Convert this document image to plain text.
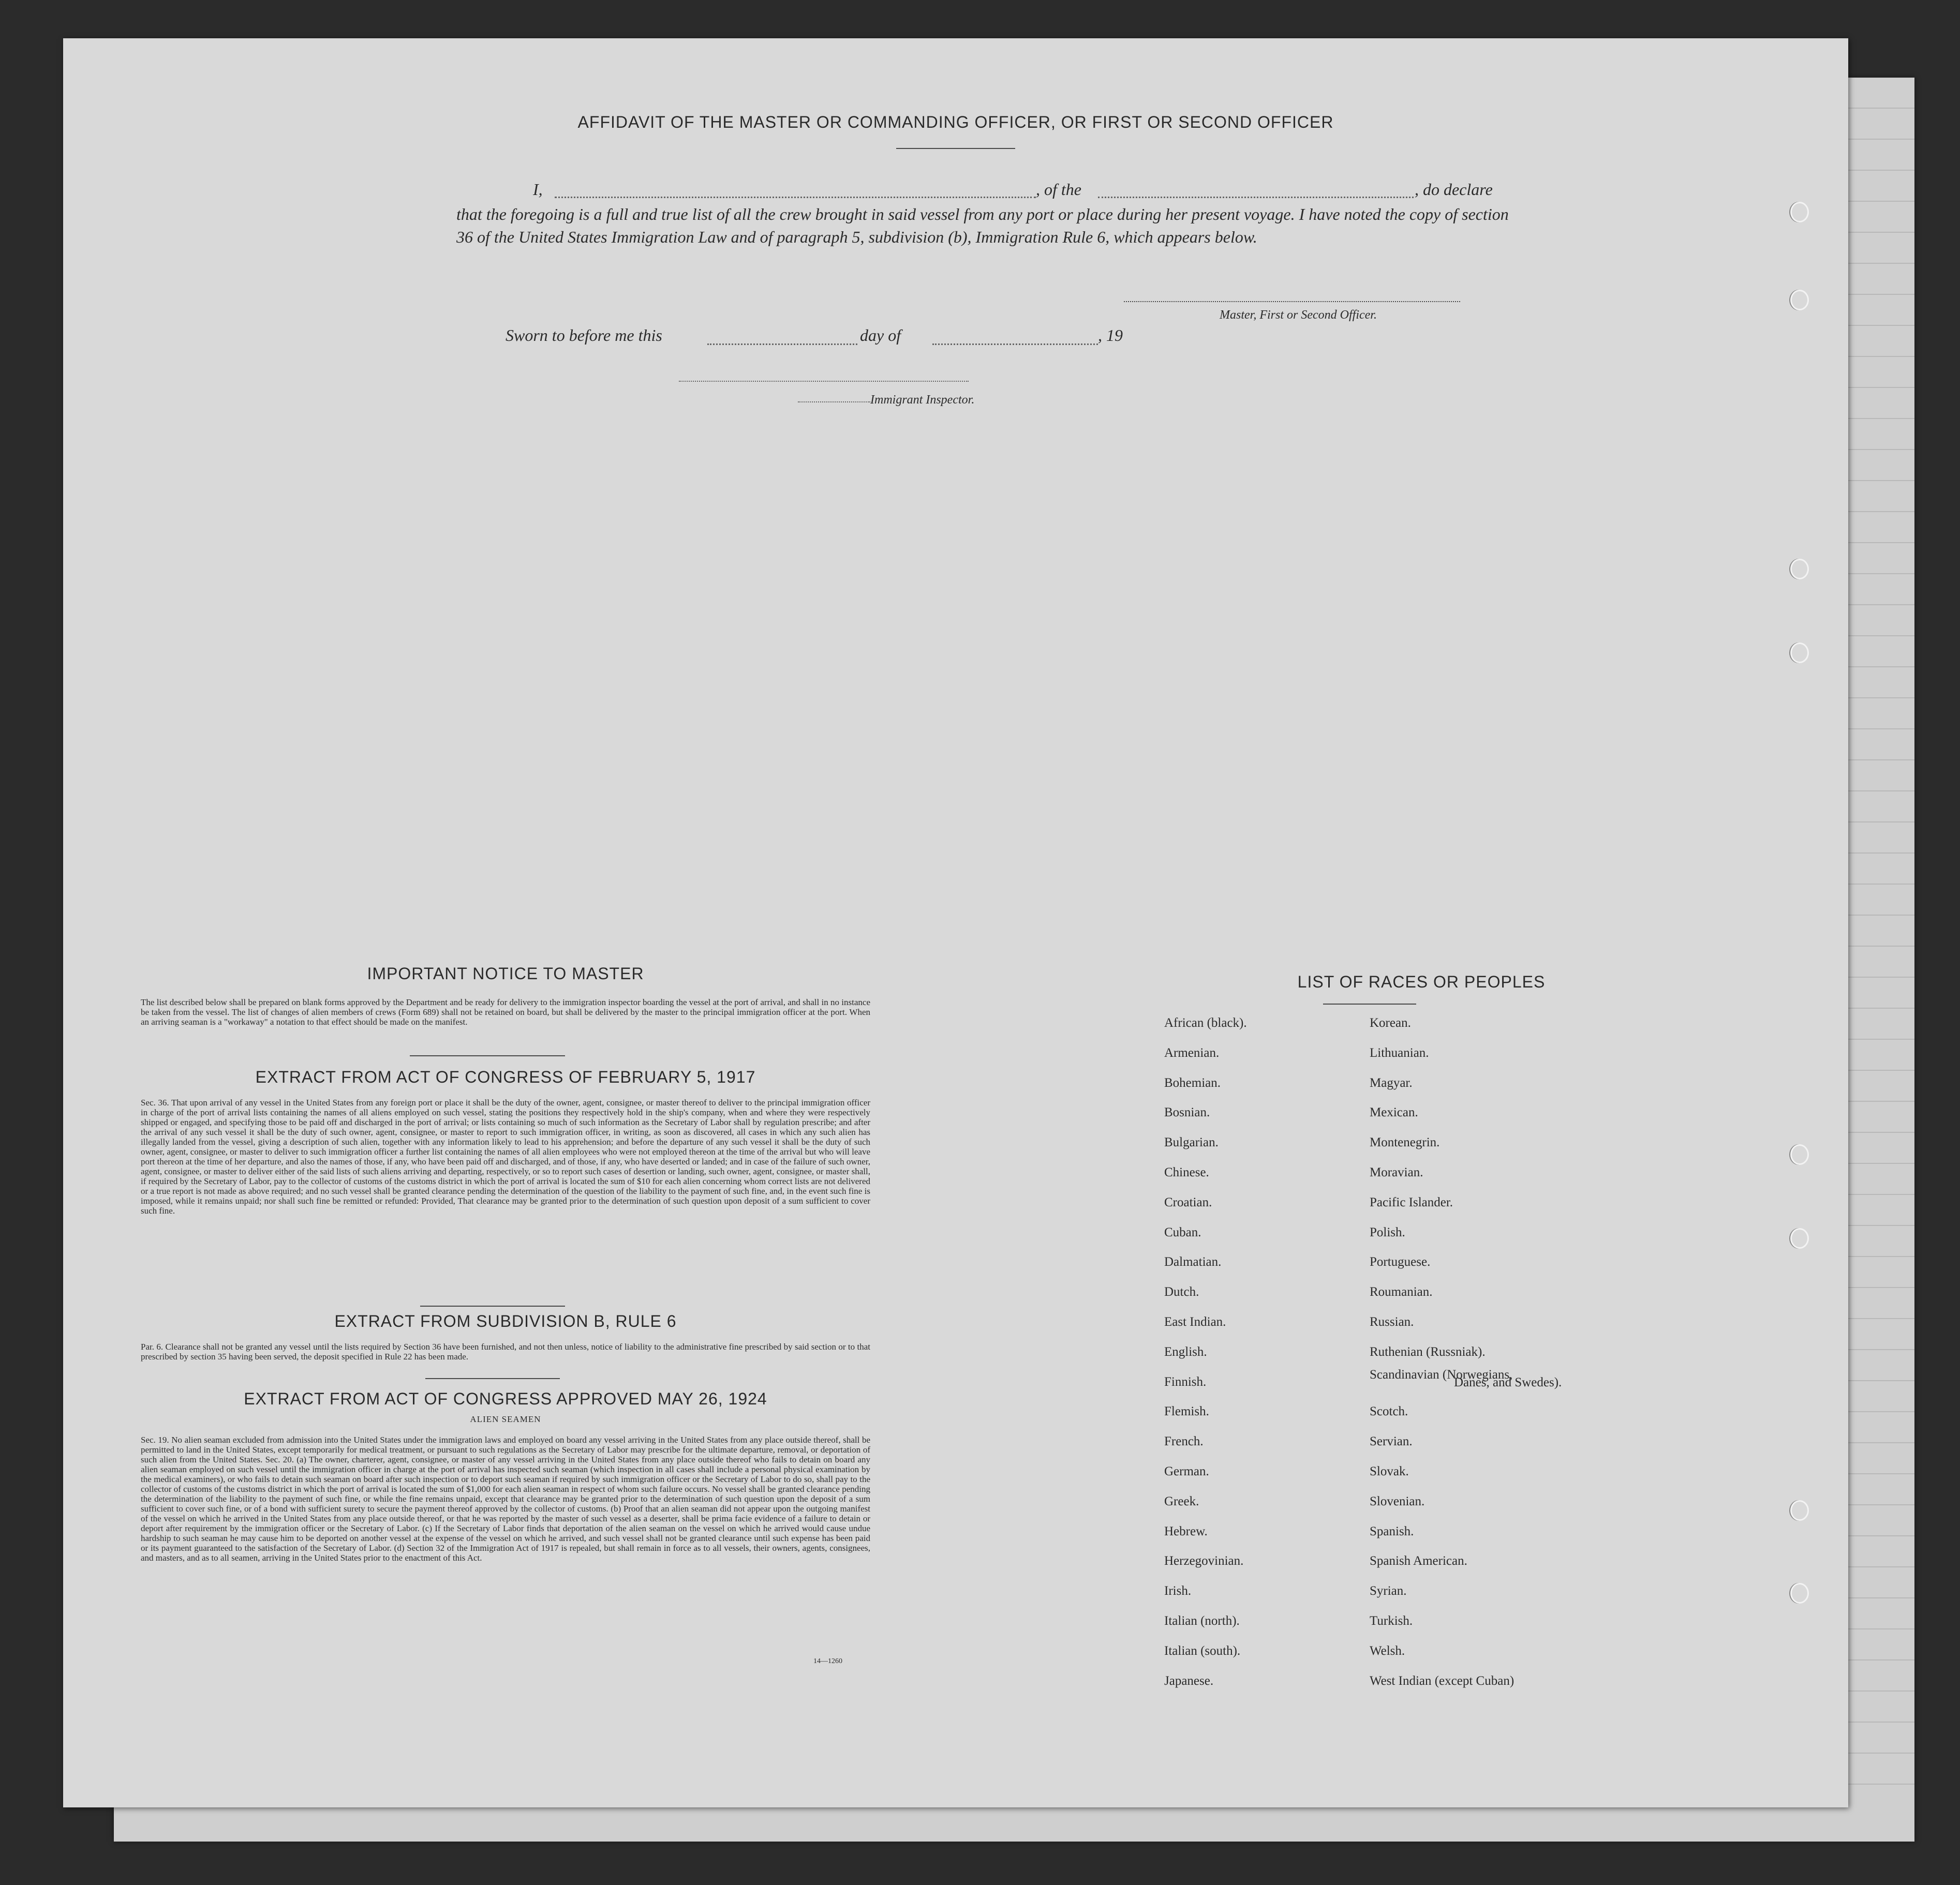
AFFIDAVIT OF THE MASTER OR COMMANDING OFFICER, OR FIRST OR SECOND OFFICER
I,	, of the	, do declare
that the foregoing is a full and true list of all the crew brought in said vessel from any port or place during her present voyage. I have noted the copy of section 36 of the United States Immigration Law and of paragraph 5, subdivision (b), Immigration Rule 6, which appears below.
Master, First or Second Officer.
Sworn to before me this	day of	, 19
Immigrant Inspector.
IMPORTANT NOTICE TO MASTER
The list described below shall be prepared on blank forms approved by the Department and be ready for delivery to the immigration inspector boarding the vessel at the port of arrival, and shall in no instance be taken from the vessel. The list of changes of alien members of crews (Form 689) shall not be retained on board, but shall be delivered by the master to the principal immigration officer at the port. When an arriving seaman is a "workaway" a notation to that effect should be made on the manifest.
EXTRACT FROM ACT OF CONGRESS OF FEBRUARY 5, 1917
Sec. 36. That upon arrival of any vessel in the United States from any foreign port or place it shall be the duty of the owner, agent, consignee, or master thereof to deliver to the principal immigration officer in charge of the port of arrival lists containing the names of all aliens employed on such vessel, stating the positions they respectively hold in the ship's company, when and where they were respectively shipped or engaged, and specifying those to be paid off and discharged in the port of arrival; or lists containing so much of such information as the Secretary of Labor shall by regulation prescribe; and after the arrival of any such vessel it shall be the duty of such owner, agent, consignee, or master to report to such immigration officer, in writing, as soon as discovered, all cases in which any such alien has illegally landed from the vessel, giving a description of such alien, together with any information likely to lead to his apprehension; and before the departure of any such vessel it shall be the duty of such owner, agent, consignee, or master to deliver to such immigration officer a further list containing the names of all alien employees who were not employed thereon at the time of the arrival but who will leave port thereon at the time of her departure, and also the names of those, if any, who have been paid off and discharged, and of those, if any, who have deserted or landed; and in case of the failure of such owner, agent, consignee, or master to deliver either of the said lists of such aliens arriving and departing, respectively, or so to report such cases of desertion or landing, such owner, agent, consignee, or master shall, if required by the Secretary of Labor, pay to the collector of customs of the customs district in which the port of arrival is located the sum of $10 for each alien concerning whom correct lists are not delivered or a true report is not made as above required; and no such vessel shall be granted clearance pending the determination of the question of the liability to the payment of such fine, and, in the event such fine is imposed, while it remains unpaid; nor shall such fine be remitted or refunded: Provided, That clearance may be granted prior to the determination of such question upon deposit of a sum sufficient to cover such fine.
EXTRACT FROM SUBDIVISION B, RULE 6
Par. 6. Clearance shall not be granted any vessel until the lists required by Section 36 have been furnished, and not then unless, notice of liability to the administrative fine prescribed by said section or to that prescribed by section 35 having been served, the deposit specified in Rule 22 has been made.
EXTRACT FROM ACT OF CONGRESS APPROVED MAY 26, 1924
ALIEN SEAMEN
Sec. 19. No alien seaman excluded from admission into the United States under the immigration laws and employed on board any vessel arriving in the United States from any place outside thereof, shall be permitted to land in the United States, except temporarily for medical treatment, or pursuant to such regulations as the Secretary of Labor may prescribe for the ultimate departure, removal, or deportation of such alien from the United States. Sec. 20. (a) The owner, charterer, agent, consignee, or master of any vessel arriving in the United States from any place outside thereof who fails to detain on board any alien seaman employed on such vessel until the immigration officer in charge at the port of arrival has inspected such seaman (which inspection in all cases shall include a personal physical examination by the medical examiners), or who fails to detain such seaman on board after such inspection or to deport such seaman if required by such immigration officer or the Secretary of Labor to do so, shall pay to the collector of customs of the customs district in which the port of arrival is located the sum of $1,000 for each alien seaman in respect of whom such failure occurs. No vessel shall be granted clearance pending the determination of the liability to the payment of such fine, or while the fine remains unpaid, except that clearance may be granted prior to the determination of such question upon the deposit of a sum sufficient to cover such fine, or of a bond with sufficient surety to secure the payment thereof approved by the collector of customs. (b) Proof that an alien seaman did not appear upon the outgoing manifest of the vessel on which he arrived in the United States from any place outside thereof, or that he was reported by the master of such vessel as a deserter, shall be prima facie evidence of a failure to detain or deport after requirement by the immigration officer or the Secretary of Labor. (c) If the Secretary of Labor finds that deportation of the alien seaman on the vessel on which he arrived would cause undue hardship to such seaman he may cause him to be deported on another vessel at the expense of the vessel on which he arrived, and such vessel shall not be granted clearance until such expense has been paid or its payment guaranteed to the satisfaction of the Secretary of Labor. (d) Section 32 of the Immigration Act of 1917 is repealed, but shall remain in force as to all vessels, their owners, agents, consignees, and masters, and as to all seamen, arriving in the United States prior to the enactment of this Act.
14—1260
LIST OF RACES OR PEOPLES
African (black).
Armenian.
Bohemian.
Bosnian.
Bulgarian.
Chinese.
Croatian.
Cuban.
Dalmatian.
Dutch.
East Indian.
English.
Finnish.
Flemish.
French.
German.
Greek.
Hebrew.
Herzegovinian.
Irish.
Italian (north).
Italian (south).
Japanese.
Korean.
Lithuanian.
Magyar.
Mexican.
Montenegrin.
Moravian.
Pacific Islander.
Polish.
Portuguese.
Roumanian.
Russian.
Ruthenian (Russniak).
Scandinavian (Norwegians,
Scotch.
Servian.
Slovak.
Slovenian.
Spanish.
Spanish American.
Syrian.
Turkish.
Welsh.
West Indian (except Cuban)
Danes, and Swedes).
